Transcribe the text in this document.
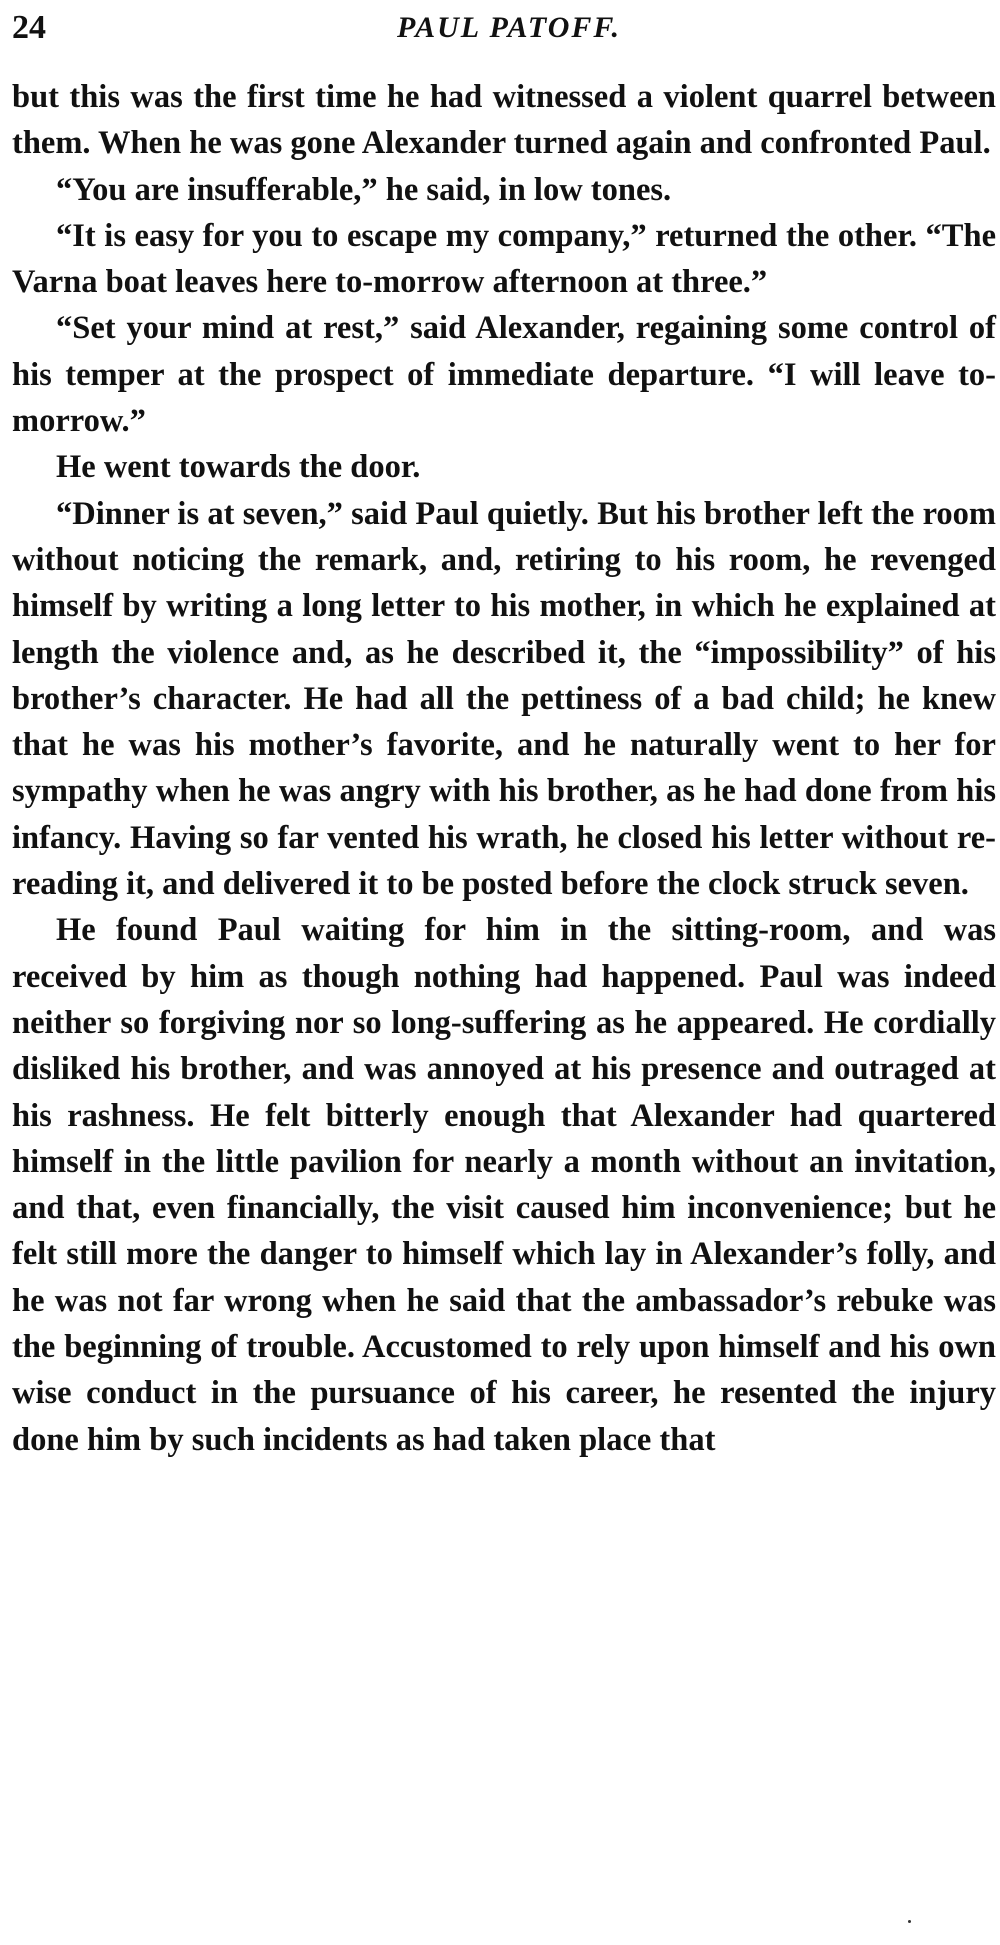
24	PAUL PATOFF.

but this was the first time he had witnessed a violent quarrel between them. When he was gone Alexander turned again and confronted Paul.

“You are insufferable,” he said, in low tones.

“It is easy for you to escape my company,” returned the other. “The Varna boat leaves here to-morrow afternoon at three.”

“Set your mind at rest,” said Alexander, regaining some control of his temper at the prospect of immediate departure. “I will leave to-morrow.”

He went towards the door.

“Dinner is at seven,” said Paul quietly. But his brother left the room without noticing the remark, and, retiring to his room, he revenged himself by writing a long letter to his mother, in which he explained at length the violence and, as he described it, the “impossibility” of his brother’s character. He had all the pettiness of a bad child; he knew that he was his mother’s favorite, and he naturally went to her for sympathy when he was angry with his brother, as he had done from his infancy. Having so far vented his wrath, he closed his letter without re-reading it, and delivered it to be posted before the clock struck seven.

He found Paul waiting for him in the sitting-room, and was received by him as though nothing had happened. Paul was indeed neither so forgiving nor so long-suffering as he appeared. He cordially disliked his brother, and was annoyed at his presence and outraged at his rashness. He felt bitterly enough that Alexander had quartered himself in the little pavilion for nearly a month without an invitation, and that, even financially, the visit caused him inconvenience; but he felt still more the danger to himself which lay in Alexander’s folly, and he was not far wrong when he said that the ambassador’s rebuke was the beginning of trouble. Accustomed to rely upon himself and his own wise conduct in the pursuance of his career, he resented the injury done him by such incidents as had taken place that
